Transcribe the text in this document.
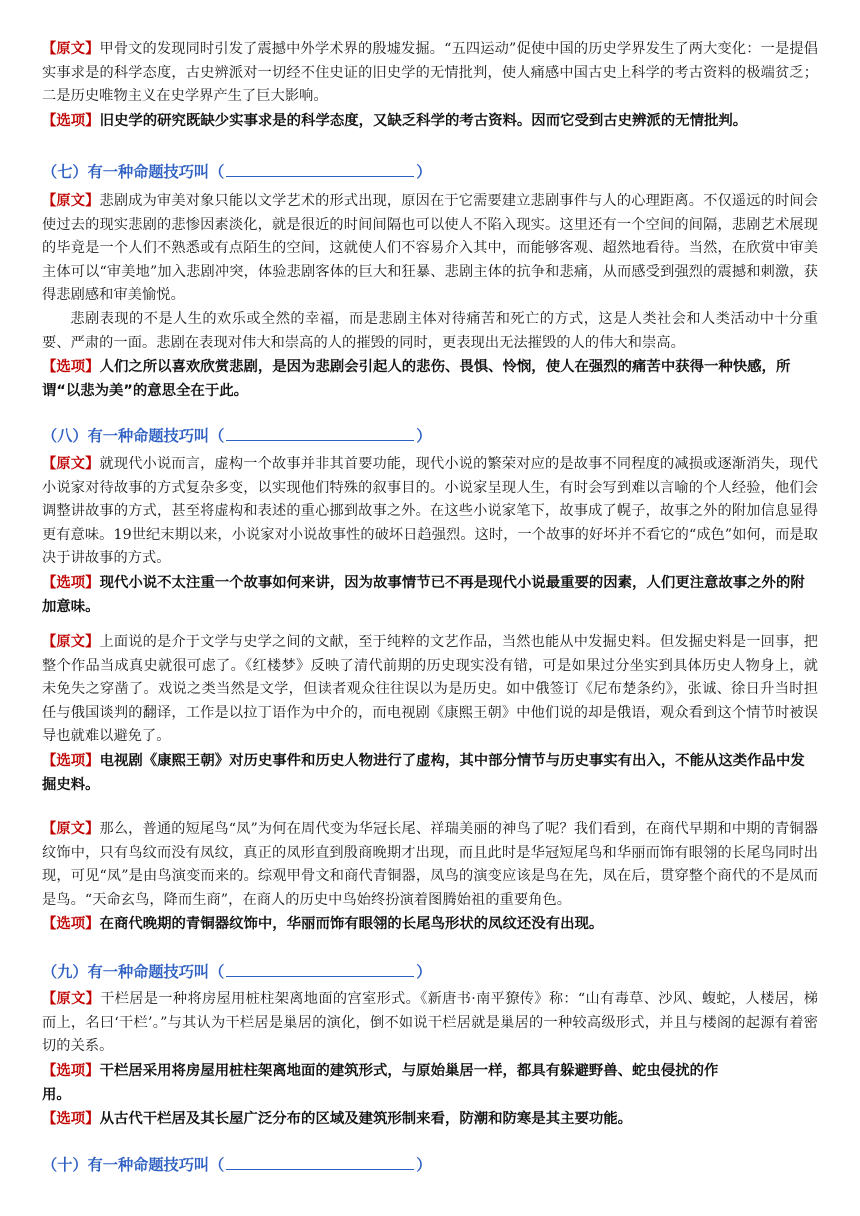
【原文】甲骨文的发现同时引发了震撼中外学术界的殷墟发掘。“五四运动”促使中国的历史学界发生了两大变化：一是提倡实事求是的科学态度，古史辨派对一切经不住史证的旧史学的无情批判，使人痛感中国古史上科学的考古资料的极端贫乏；二是历史唯物主义在史学界产生了巨大影响。

【选项】旧史学的研究既缺少实事求是的科学态度，又缺乏科学的考古资料。因而它受到古史辨派的无情批判。

（七）有一种命题技巧叫（	）

【原文】悲剧成为审美对象只能以文学艺术的形式出现，原因在于它需要建立悲剧事件与人的心理距离。不仅遥远的时间会使过去的现实悲剧的悲惨因素淡化，就是很近的时间间隔也可以使人不陷入现实。这里还有一个空间的间隔，悲剧艺术展现的毕竟是一个人们不熟悉或有点陌生的空间，这就使人们不容易介入其中，而能够客观、超然地看待。当然，在欣赏中审美主体可以“审美地”加入悲剧冲突，体验悲剧客体的巨大和狂暴、悲剧主体的抗争和悲痛，从而感受到强烈的震撼和刺激，获得悲剧感和审美愉悦。

悲剧表现的不是人生的欢乐或全然的幸福，而是悲剧主体对待痛苦和死亡的方式，这是人类社会和人类活动中十分重要、严肃的一面。悲剧在表现对伟大和崇高的人的摧毁的同时，更表现出无法摧毁的人的伟大和崇高。

【选项】人们之所以喜欢欣赏悲剧，是因为悲剧会引起人的悲伤、畏惧、怜悯，使人在强烈的痛苦中获得一种快感，所谓“以悲为美”的意思全在于此。

（八）有一种命题技巧叫（	）

【原文】就现代小说而言，虚构一个故事并非其首要功能，现代小说的繁荣对应的是故事不同程度的减损或逐渐消失，现代小说家对待故事的方式复杂多变，以实现他们特殊的叙事目的。小说家呈现人生，有时会写到难以言喻的个人经验，他们会调整讲故事的方式，甚至将虚构和表述的重心挪到故事之外。在这些小说家笔下，故事成了幌子，故事之外的附加信息显得更有意味。19世纪末期以来，小说家对小说故事性的破坏日趋强烈。这时，一个故事的好坏并不看它的“成色”如何，而是取决于讲故事的方式。

【选项】现代小说不太注重一个故事如何来讲，因为故事情节已不再是现代小说最重要的因素，人们更注意故事之外的附加意味。

【原文】上面说的是介于文学与史学之间的文献，至于纯粹的文艺作品，当然也能从中发掘史料。但发掘史料是一回事，把整个作品当成真史就很可虑了。《红楼梦》反映了清代前期的历史现实没有错，可是如果过分坐实到具体历史人物身上，就未免失之穿凿了。戏说之类当然是文学，但读者观众往往误以为是历史。如中俄签订《尼布楚条约》，张诚、徐日升当时担任与俄国谈判的翻译，工作是以拉丁语作为中介的，而电视剧《康熙王朝》中他们说的却是俄语，观众看到这个情节时被误导也就难以避免了。

【选项】电视剧《康熙王朝》对历史事件和历史人物进行了虚构，其中部分情节与历史事实有出入，不能从这类作品中发掘史料。

【原文】那么，普通的短尾鸟“凤”为何在周代变为华冠长尾、祥瑞美丽的神鸟了呢？我们看到，在商代早期和中期的青铜器纹饰中，只有鸟纹而没有凤纹，真正的凤形直到殷商晚期才出现，而且此时是华冠短尾鸟和华丽而饰有眼翎的长尾鸟同时出现，可见“凤”是由鸟演变而来的。综观甲骨文和商代青铜器，凤鸟的演变应该是鸟在先，凤在后，贯穿整个商代的不是凤而是鸟。“天命玄鸟，降而生商”，在商人的历史中鸟始终扮演着图腾始祖的重要角色。

【选项】在商代晚期的青铜器纹饰中，华丽而饰有眼翎的长尾鸟形状的凤纹还没有出现。

（九）有一种命题技巧叫（	）

【原文】干栏居是一种将房屋用桩柱架离地面的宫室形式。《新唐书·南平獠传》称：“山有毒草、沙风、蝮蛇，人楼居，梯而上，名曰‘干栏’。”与其认为干栏居是巢居的演化，倒不如说干栏居就是巢居的一种较高级形式，并且与楼阁的起源有着密切的关系。

【选项】干栏居采用将房屋用桩柱架离地面的建筑形式，与原始巢居一样，都具有躲避野兽、蛇虫侵扰的作

用。

【选项】从古代干栏居及其长屋广泛分布的区域及建筑形制来看，防潮和防寒是其主要功能。

（十）有一种命题技巧叫（	）
